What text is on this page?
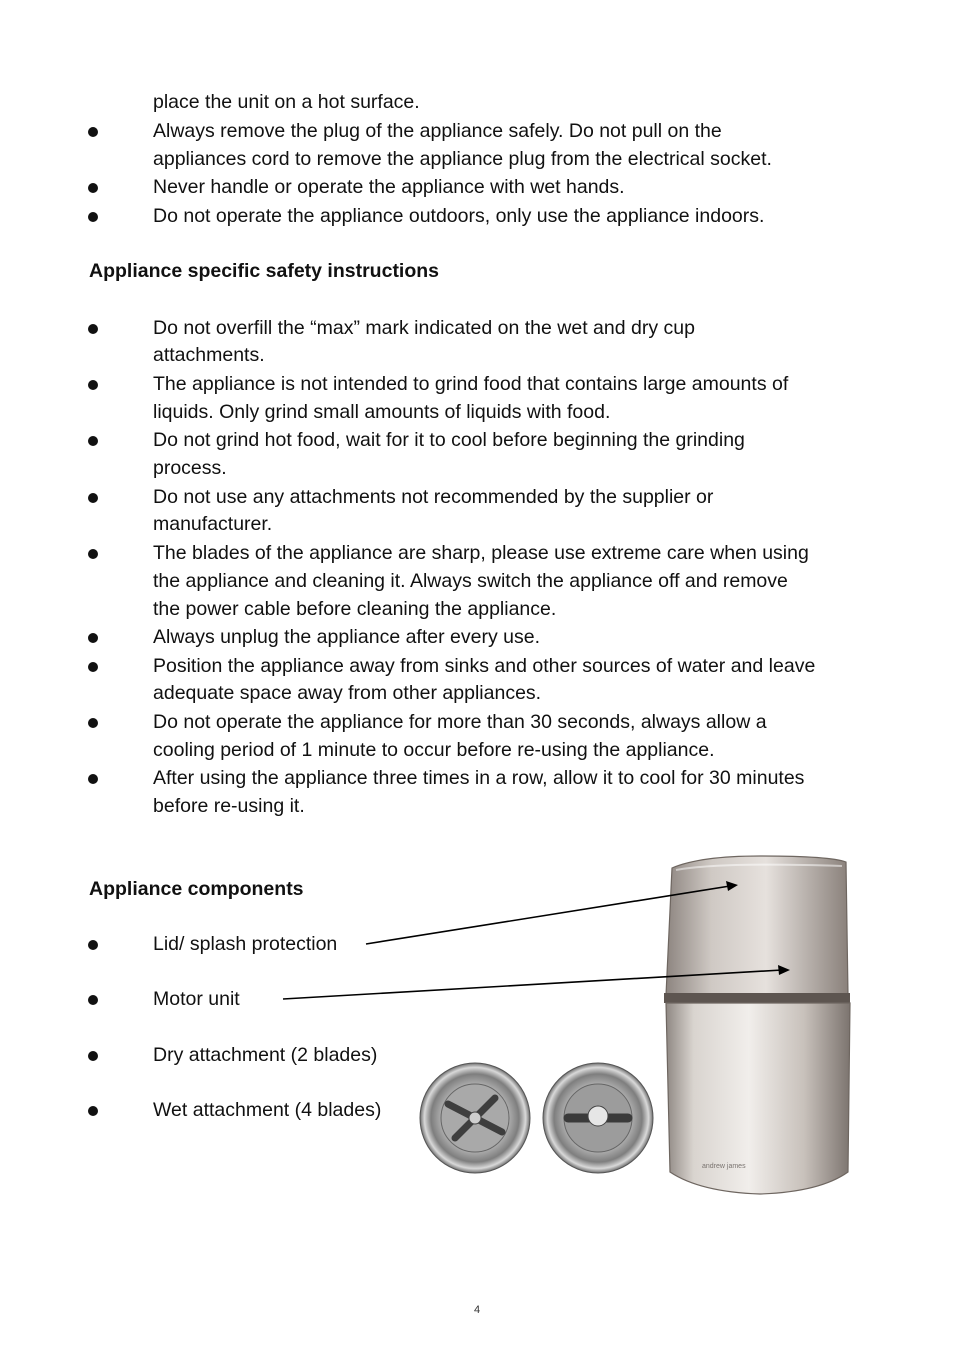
place the unit on a hot surface.
Always remove the plug of the appliance safely. Do not pull on the
appliances cord to remove the appliance plug from the electrical socket.
Never handle or operate the appliance with wet hands.
Do not operate the appliance outdoors, only use the appliance indoors.
Appliance specific safety instructions
Do not overfill the “max” mark indicated on the wet and dry cup
attachments.
The appliance is not intended to grind food that contains large amounts of
liquids. Only grind small amounts of liquids with food.
Do not grind hot food, wait for it to cool before beginning the grinding
process.
Do not use any attachments not recommended by the supplier or
manufacturer.
The blades of the appliance are sharp, please use extreme care when using
the appliance and cleaning it. Always switch the appliance off and remove
the power cable before cleaning the appliance.
Always unplug the appliance after every use.
Position the appliance away from sinks and other sources of water and leave
adequate space away from other appliances.
Do not operate the appliance for more than 30 seconds, always allow a
cooling period of 1 minute to occur before re-using the appliance.
After using the appliance three times in a row, allow it to cool for 30 minutes
before re-using it.
Appliance components
Lid/ splash protection
Motor unit
Dry attachment (2 blades)
Wet attachment (4 blades)
andrew james
4
